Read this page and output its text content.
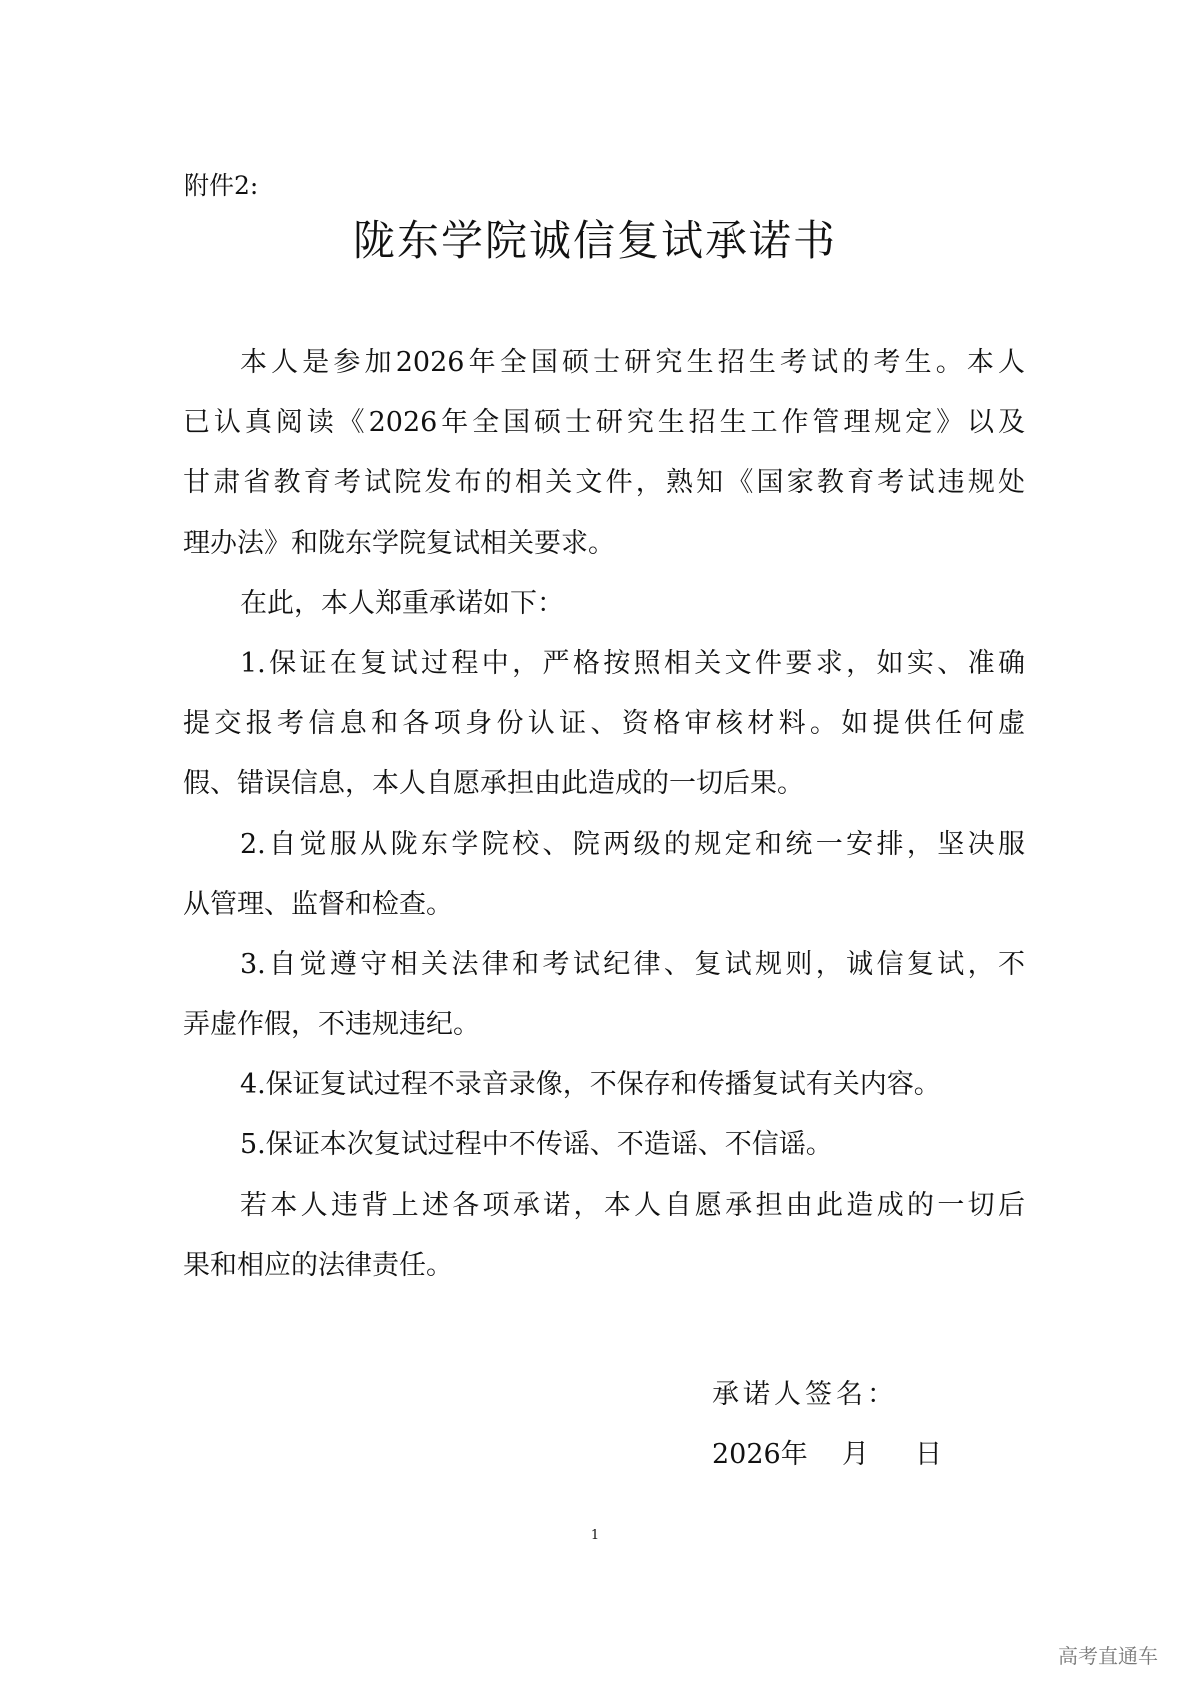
附件2:
陇东学院诚信复试承诺书
本人是参加2026年全国硕士研究生招生考试的考生。本人
已认真阅读《2026年全国硕士研究生招生工作管理规定》以及
甘肃省教育考试院发布的相关文件，熟知《国家教育考试违规处
理办法》和陇东学院复试相关要求。
在此，本人郑重承诺如下：
1.保证在复试过程中，严格按照相关文件要求，如实、准确
提交报考信息和各项身份认证、资格审核材料。如提供任何虚
假、错误信息，本人自愿承担由此造成的一切后果。
2.自觉服从陇东学院校、院两级的规定和统一安排，坚决服
从管理、监督和检查。
3.自觉遵守相关法律和考试纪律、复试规则，诚信复试，不
弄虚作假，不违规违纪。
4.保证复试过程不录音录像，不保存和传播复试有关内容。
5.保证本次复试过程中不传谣、不造谣、不信谣。
若本人违背上述各项承诺，本人自愿承担由此造成的一切后
果和相应的法律责任。
承诺人签名：
2026年 月 日
1
高考直通车
